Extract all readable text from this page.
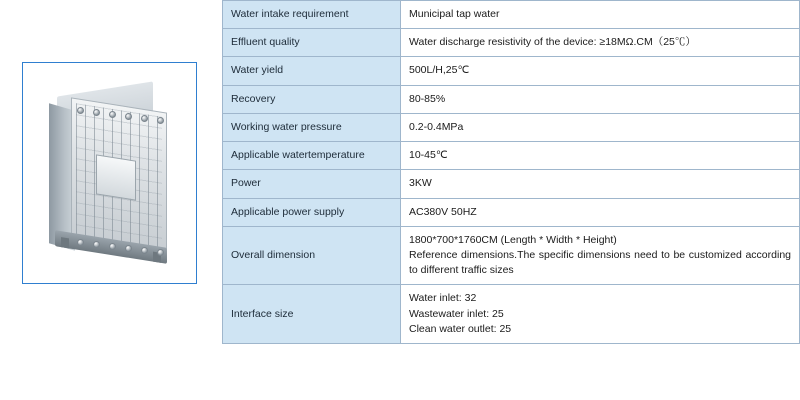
Water intake requirement	Municipal tap water
Effluent quality	Water discharge resistivity of the device: ≥18MΩ.CM（25℃）
Water yield	500L/H,25℃
Recovery	80-85%
Working water pressure	0.2-0.4MPa
Applicable watertemperature	10-45℃
Power	3KW
Applicable power supply	AC380V 50HZ
Overall dimension	1800*700*1760CM (Length * Width * Height)
Reference dimensions.The specific dimensions need to be customized according to different traffic sizes

Interface size	Water inlet: 32
Wastewater inlet: 25
Clean water outlet: 25
